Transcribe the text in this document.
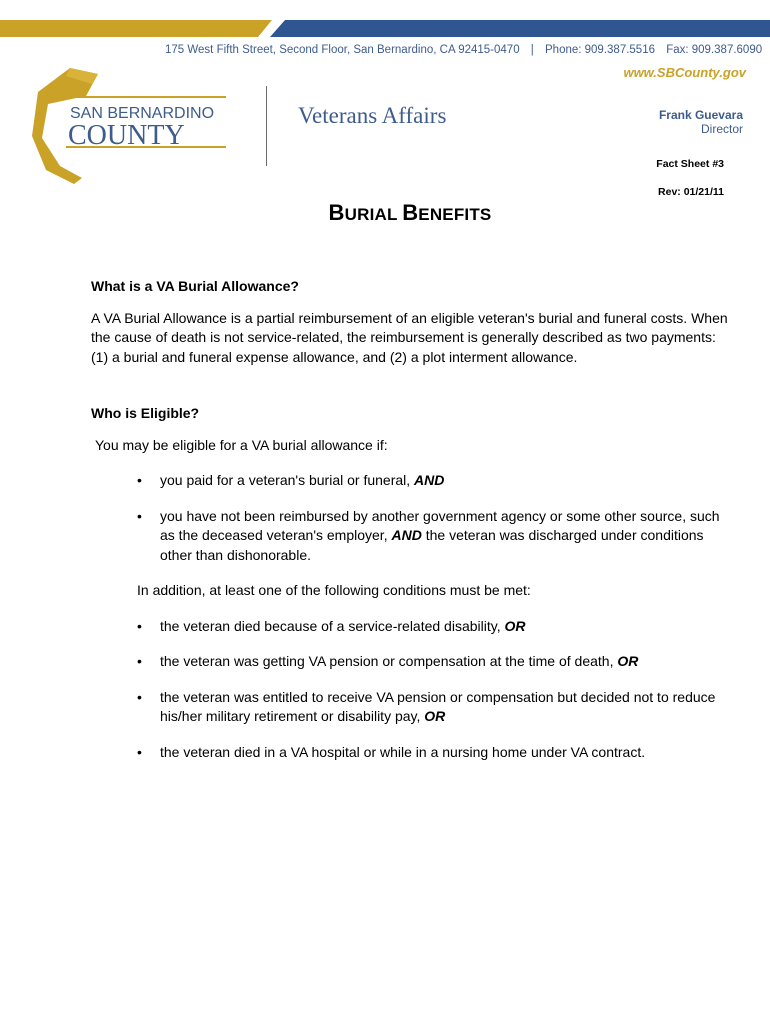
175 West Fifth Street, Second Floor, San Bernardino, CA 92415-0470 | Phone: 909.387.5516 Fax: 909.387.6090
www.SBCounty.gov
SAN BERNARDINO
COUNTY
Veterans Affairs	Frank Guevara
Director
Fact Sheet #3
Rev: 01/21/11
BURIAL BENEFITS

What is a VA Burial Allowance?

A VA Burial Allowance is a partial reimbursement of an eligible veteran's burial and funeral costs. When the cause of death is not service-related, the reimbursement is generally described as two payments: (1) a burial and funeral expense allowance, and (2) a plot interment allowance.

Who is Eligible?

You may be eligible for a VA burial allowance if:

• you paid for a veteran's burial or funeral, AND

• you have not been reimbursed by another government agency or some other source, such as the deceased veteran's employer, AND the veteran was discharged under conditions other than dishonorable.

In addition, at least one of the following conditions must be met:

• the veteran died because of a service-related disability, OR

• the veteran was getting VA pension or compensation at the time of death, OR

• the veteran was entitled to receive VA pension or compensation but decided not to reduce his/her military retirement or disability pay, OR

• the veteran died in a VA hospital or while in a nursing home under VA contract.
